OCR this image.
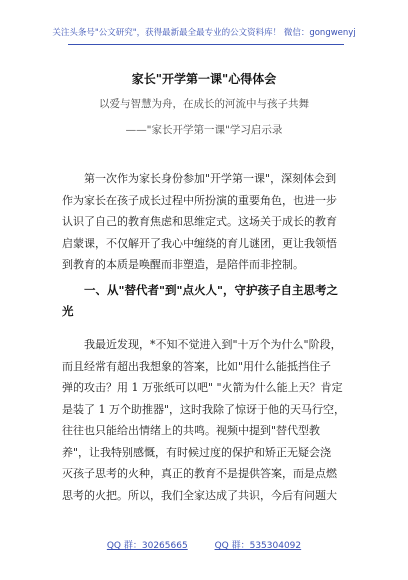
关注头条号"公文研究"，获得最新最全最专业的公文资料库！ 微信：gongwenyj
家长"开学第一课"心得体会
以爱与智慧为舟，在成长的河流中与孩子共舞
——"家长开学第一课"学习启示录
第一次作为家长身份参加"开学第一课"，深刻体会到
作为家长在孩子成长过程中所扮演的重要角色，也进一步
认识了自己的教育焦虑和思维定式。这场关于成长的教育
启蒙课，不仅解开了我心中缠绕的育儿谜团，更让我领悟
到教育的本质是唤醒而非塑造，是陪伴而非控制。
一、从"替代者"到"点火人"，守护孩子自主思考之
光
我最近发现，*不知不觉进入到"十万个为什么"阶段，
而且经常有超出我想象的答案，比如"用什么能抵挡住子
弹的攻击？用 1 万张纸可以吧" "火箭为什么能上天？肯定
是装了 1 万个助推器"，这时我除了惊讶于他的天马行空，
往往也只能给出情绪上的共鸣。视频中提到"替代型教
养"，让我特别感慨，有时候过度的保护和矫正无疑会浇
灭孩子思考的火种，真正的教育不是提供答案，而是点燃
思考的火把。所以，我们全家达成了共识，今后有问题大
QQ 群：30265665	QQ 群：535304092
